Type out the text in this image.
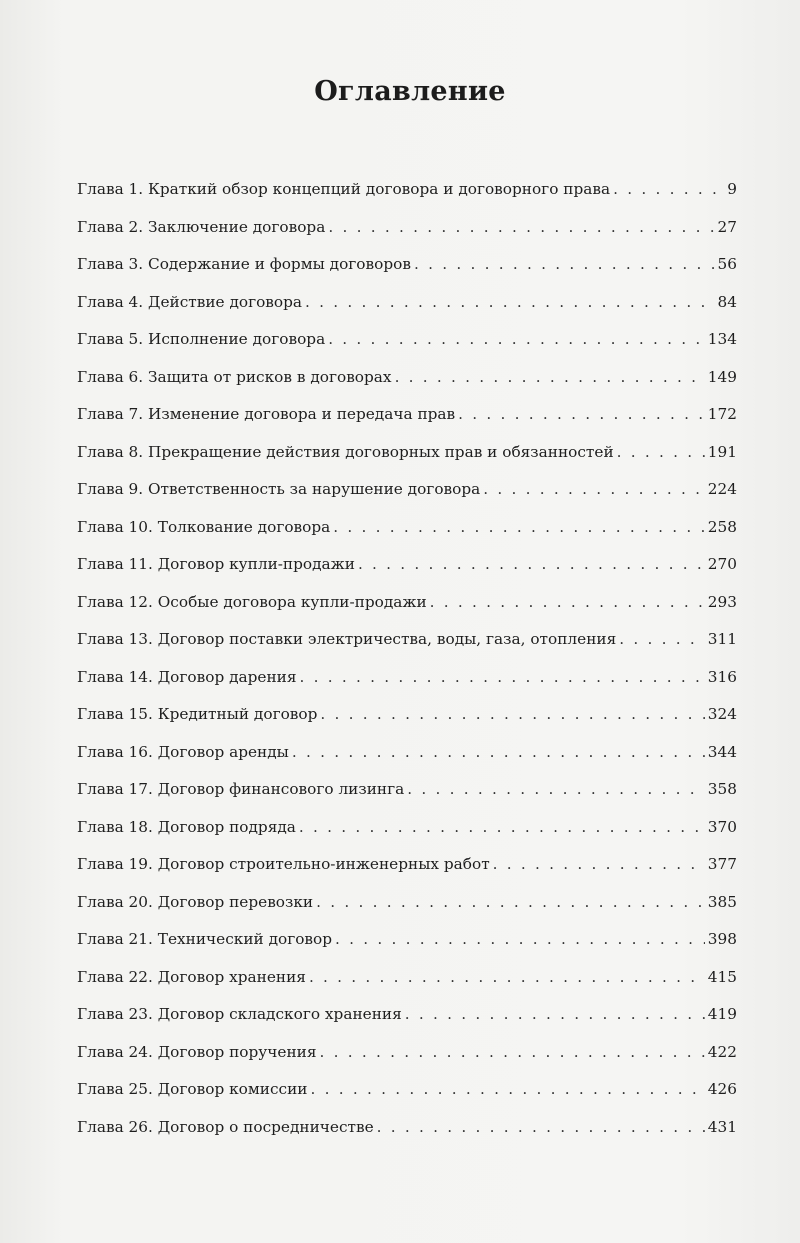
Оглавление
Глава 1. Краткий обзор концепций договора и договорного права . . .	9
Глава 2. Заключение договора . . .	27
Глава 3. Содержание и формы договоров . . .	56
Глава 4. Действие договора . . .	84
Глава 5. Исполнение договора . . .	134
Глава 6. Защита от рисков в договорах . . .	149
Глава 7. Изменение договора и передача прав . . .	172
Глава 8. Прекращение действия договорных прав и обязанностей . . .	191
Глава 9. Ответственность за нарушение договора . . .	224
Глава 10. Толкование договора . . .	258
Глава 11. Договор купли-продажи . . .	270
Глава 12. Особые договора купли-продажи . . .	293
Глава 13. Договор поставки электричества, воды, газа, отопления . . .	311
Глава 14. Договор дарения . . .	316
Глава 15. Кредитный договор . . .	324
Глава 16. Договор аренды . . .	344
Глава 17. Договор финансового лизинга . . .	358
Глава 18. Договор подряда . . .	370
Глава 19. Договор строительно-инженерных работ . . .	377
Глава 20. Договор перевозки . . .	385
Глава 21. Технический договор . . .	398
Глава 22. Договор хранения . . .	415
Глава 23. Договор складского хранения . . .	419
Глава 24. Договор поручения . . .	422
Глава 25. Договор комиссии . . .	426
Глава 26. Договор о посредничестве . . .	431
